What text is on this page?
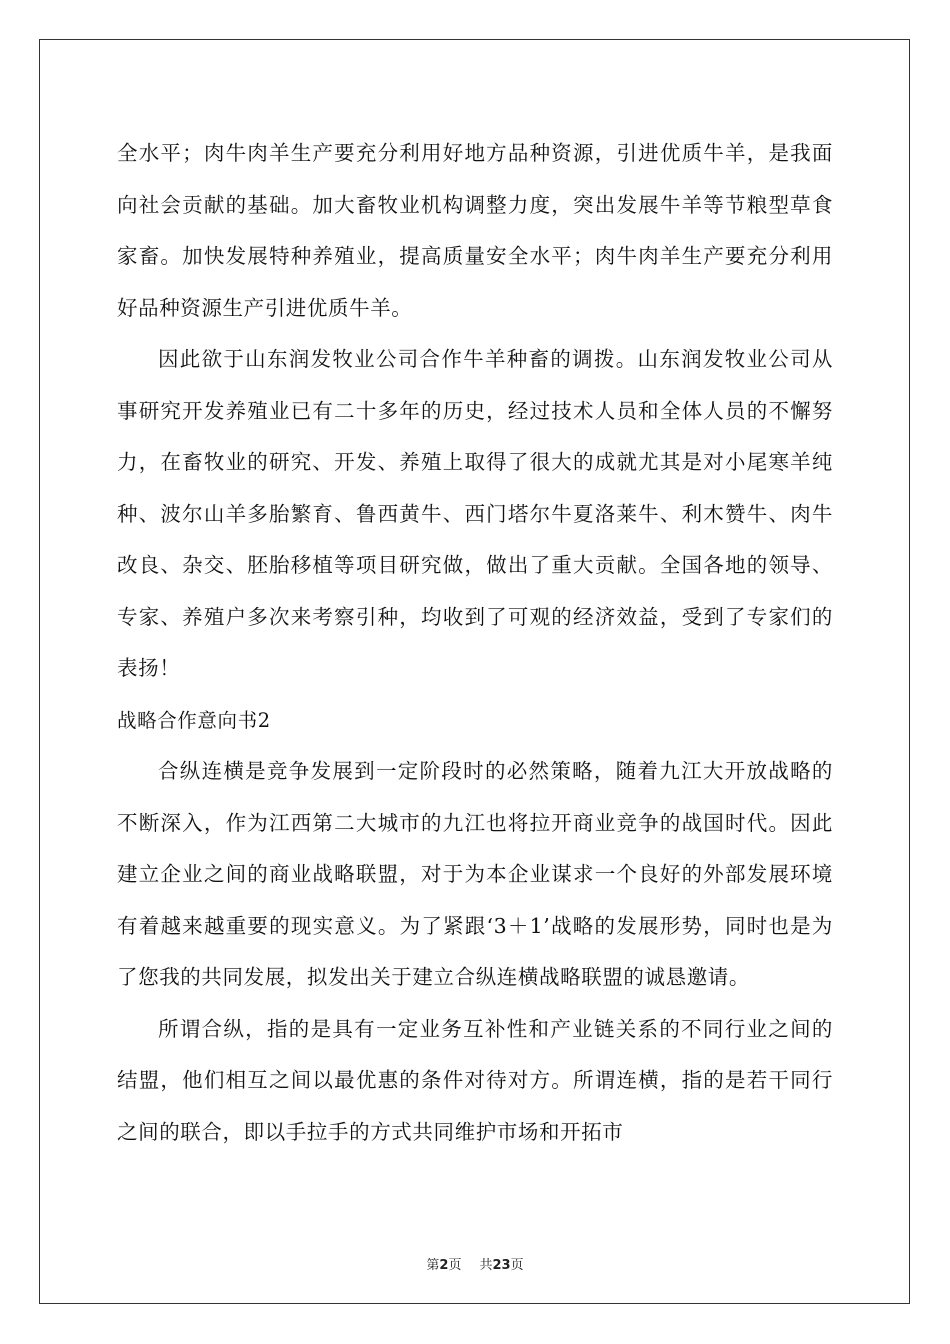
全水平；肉牛肉羊生产要充分利用好地方品种资源，引进优质牛羊，是我面向社会贡献的基础。加大畜牧业机构调整力度，突出发展牛羊等节粮型草食家畜。加快发展特种养殖业，提高质量安全水平；肉牛肉羊生产要充分利用好品种资源生产引进优质牛羊。

因此欲于山东润发牧业公司合作牛羊种畜的调拨。山东润发牧业公司从事研究开发养殖业已有二十多年的历史，经过技术人员和全体人员的不懈努力，在畜牧业的研究、开发、养殖上取得了很大的成就尤其是对小尾寒羊纯种、波尔山羊多胎繁育、鲁西黄牛、西门塔尔牛夏洛莱牛、利木赞牛、肉牛改良、杂交、胚胎移植等项目研究做，做出了重大贡献。全国各地的领导、专家、养殖户多次来考察引种，均收到了可观的经济效益，受到了专家们的表扬！

战略合作意向书2

合纵连横是竞争发展到一定阶段时的必然策略，随着九江大开放战略的不断深入，作为江西第二大城市的九江也将拉开商业竞争的战国时代。因此建立企业之间的商业战略联盟，对于为本企业谋求一个良好的外部发展环境有着越来越重要的现实意义。为了紧跟‘3＋1’战略的发展形势，同时也是为了您我的共同发展，拟发出关于建立合纵连横战略联盟的诚恳邀请。

所谓合纵，指的是具有一定业务互补性和产业链关系的不同行业之间的结盟，他们相互之间以最优惠的条件对待对方。所谓连横，指的是若干同行之间的联合，即以手拉手的方式共同维护市场和开拓市

第2页 共23页
